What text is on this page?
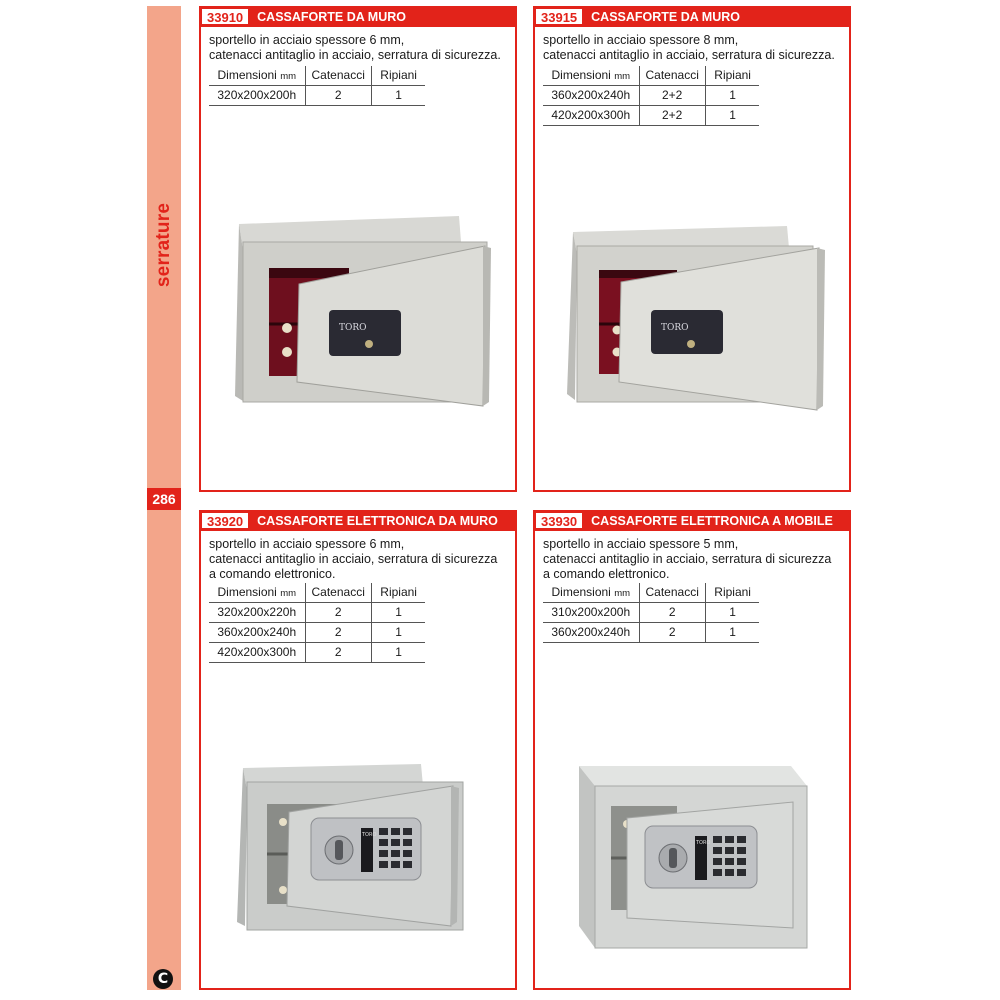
serrature
286
C
33910	CASSAFORTE DA MURO
sportello in acciaio spessore 6 mm,
catenacci antitaglio in acciaio, serratura di sicurezza.
Dimensioni mm	Catenacci	Ripiani
320x200x200h	2	1
TORO
33915	CASSAFORTE DA MURO
sportello in acciaio spessore 8 mm,
catenacci antitaglio in acciaio, serratura di sicurezza.
Dimensioni mm	Catenacci	Ripiani
360x200x240h	2+2	1
420x200x300h	2+2	1
TORO
33920	CASSAFORTE ELETTRONICA DA MURO
sportello in acciaio spessore 6 mm,
catenacci antitaglio in acciaio, serratura di sicurezza
a comando elettronico.
Dimensioni mm	Catenacci	Ripiani
320x200x220h	2	1
360x200x240h	2	1
420x200x300h	2	1
TORO
33930	CASSAFORTE ELETTRONICA A MOBILE
sportello in acciaio spessore 5 mm,
catenacci antitaglio in acciaio, serratura di sicurezza
a comando elettronico.
Dimensioni mm	Catenacci	Ripiani
310x200x200h	2	1
360x200x240h	2	1
TORO
